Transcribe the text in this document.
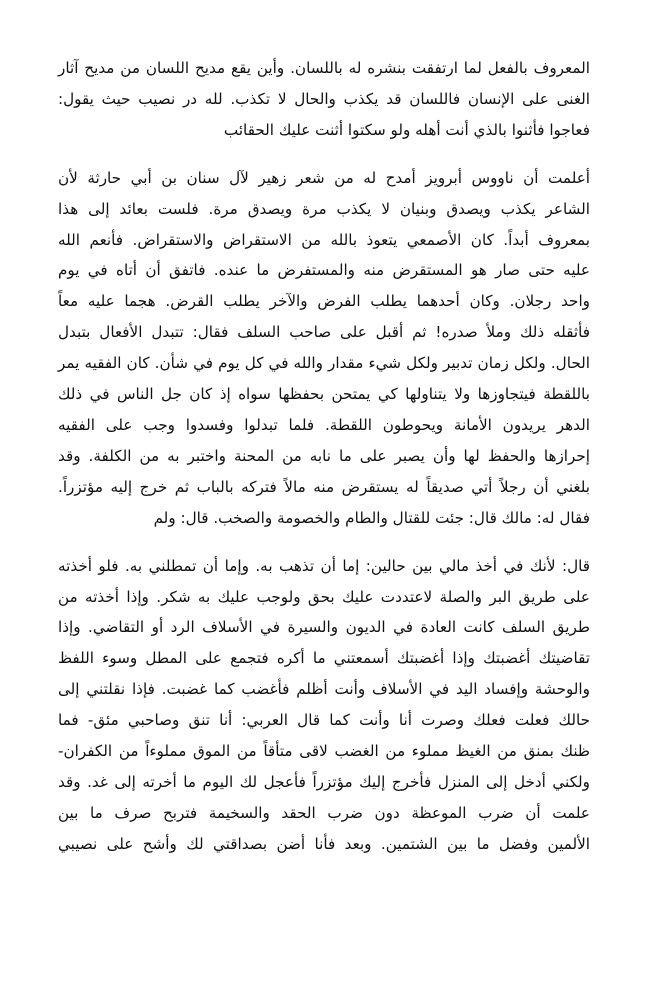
المعروف بالفعل لما ارتفقت بنشره له باللسان. وأين يقع مديح اللسان من مديح آثار
الغنى على الإنسان فاللسان قد يكذب والحال لا تكذب. لله در نصيب حيث يقول:
فعاجوا فأثنوا بالذي أنت أهله ولو سكتوا أثنت عليك الحقائب
أعلمت أن ناووس أبرويز أمدح له من شعر زهير لآل سنان بن أبي حارثة لأن
الشاعر يكذب ويصدق وبنيان لا يكذب مرة ويصدق مرة. فلست بعائد إلى هذا
بمعروف أبداً. كان الأصمعي يتعوذ بالله من الاستقراض والاستقراض. فأنعم الله
عليه حتى صار هو المستقرض منه والمستفرض ما عنده. فاتفق أن أتاه في يوم
واحد رجلان. وكان أحدهما يطلب الفرض والآخر يطلب القرض. هجما عليه معاً
فأثقله ذلك وملأ صدره! ثم أقبل على صاحب السلف فقال: تتبدل الأفعال بتبدل
الحال. ولكل زمان تدبير ولكل شيء مقدار والله في كل يوم في شأن. كان الفقيه يمر
باللقطة فيتجاوزها ولا يتناولها كي يمتحن بحفظها سواه إذ كان جل الناس في ذلك
الدهر يريدون الأمانة ويحوطون اللقطة. فلما تبدلوا وفسدوا وجب على الفقيه
إحرازها والحفظ لها وأن يصبر على ما نابه من المحنة واختبر به من الكلفة. وقد
بلغني أن رجلاً أتي صديقاً له يستقرض منه مالاً فتركه بالباب ثم خرج إليه مؤتزراً.
فقال له: مالك قال: جئت للقتال والطام والخصومة والصخب. قال: ولم
قال: لأنك في أخذ مالي بين حالين: إما أن تذهب به. وإما أن تمطلني به. فلو أخذته
على طريق البر والصلة لاعتددت عليك بحق ولوجب عليك به شكر. وإذا أخذته من
طريق السلف كانت العادة في الديون والسيرة في الأسلاف الرد أو التقاضي. وإذا
تقاضيتك أغضبتك وإذا أغضبتك أسمعتني ما أكره فتجمع على المطل وسوء اللفظ
والوحشة وإفساد اليد في الأسلاف وأنت أظلم فأغضب كما غضبت. فإذا نقلتني إلى
حالك فعلت فعلك وصرت أنا وأنت كما قال العربي: أنا تنق وصاحبي مئق- فما
ظنك بمنق من الغيظ مملوء من الغضب لاقى متأقاً من الموق مملوءاً من الكفران-
ولكني أدخل إلى المنزل فأخرج إليك مؤتزراً فأعجل لك اليوم ما أخرته إلى غد. وقد
علمت أن ضرب الموعظة دون ضرب الحقد والسخيمة فتربح صرف ما بين
الألمين وفضل ما بين الشتمين. وبعد فأنا أضن بصداقتي لك وأشح على نصيبي
